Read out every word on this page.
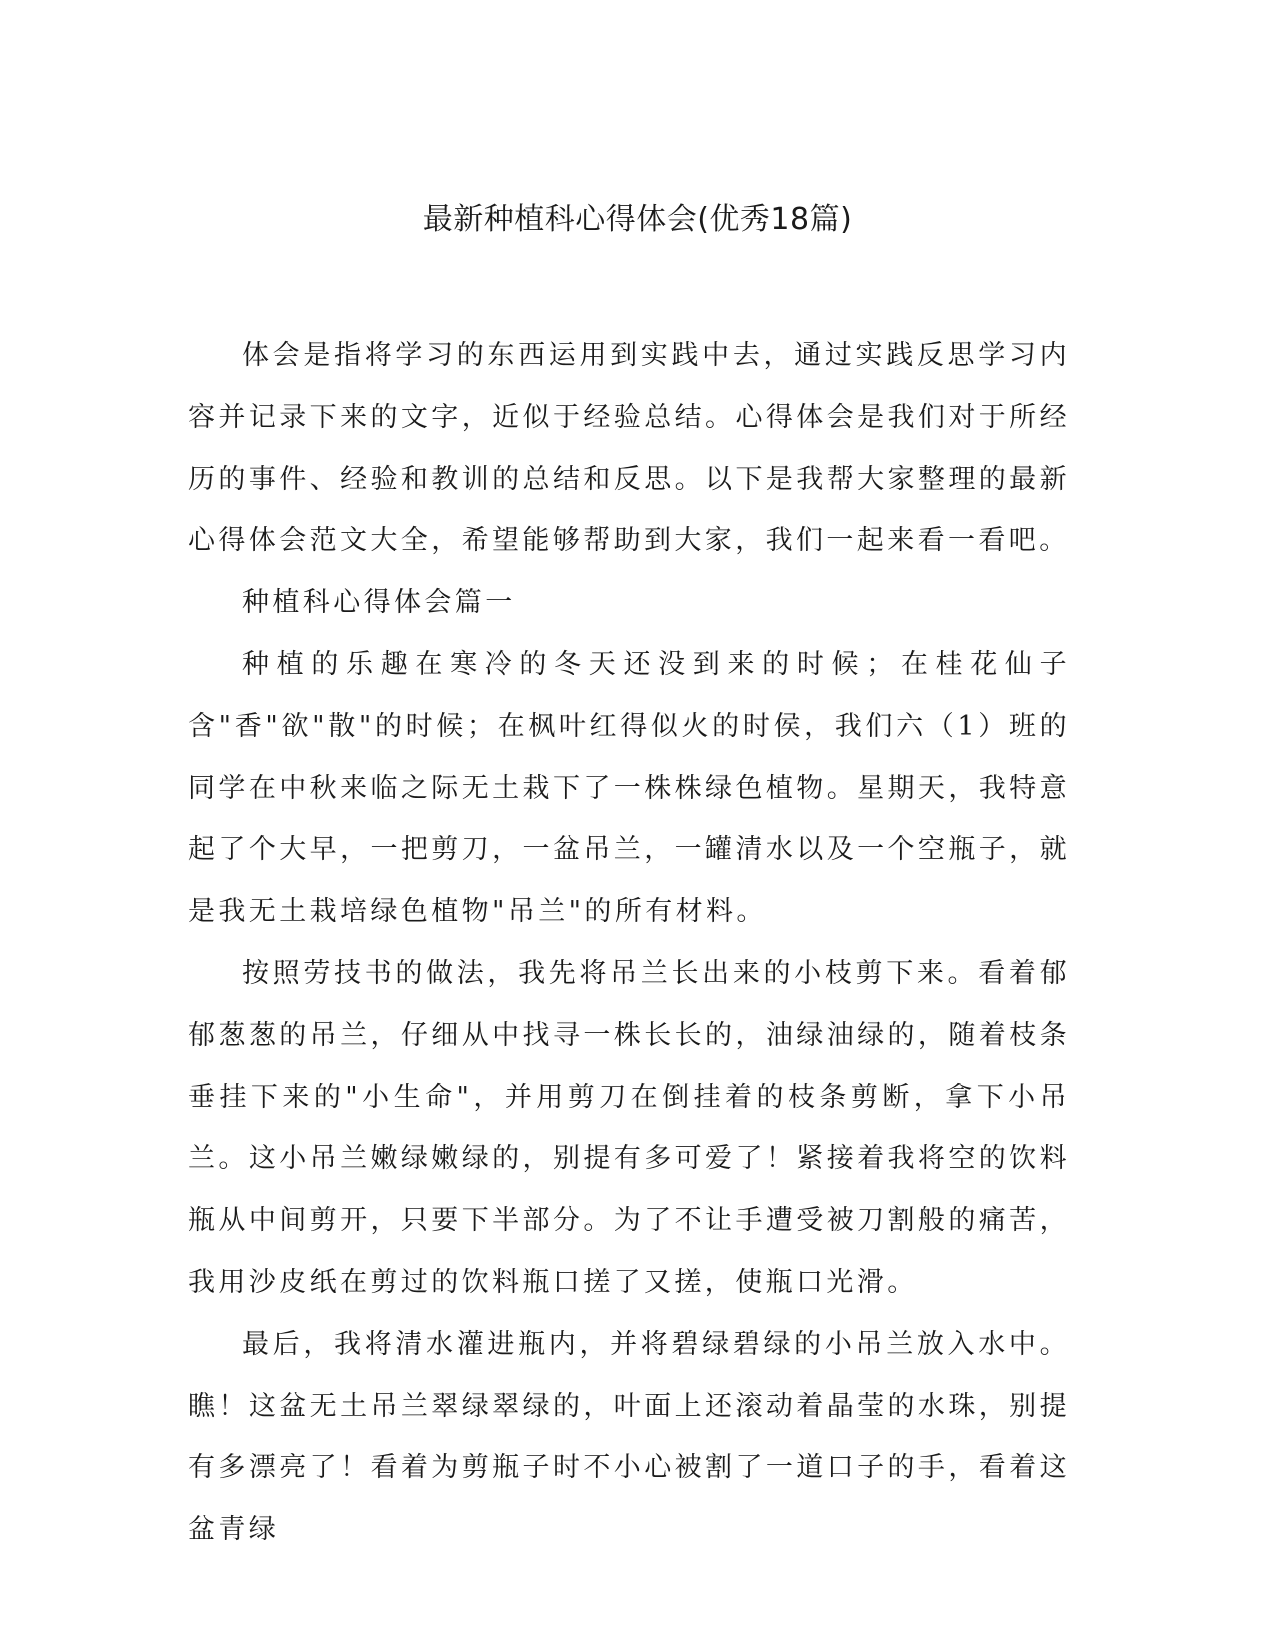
最新种植科心得体会(优秀18篇)

体会是指将学习的东西运用到实践中去，通过实践反思学习内容并记录下来的文字，近似于经验总结。心得体会是我们对于所经历的事件、经验和教训的总结和反思。以下是我帮大家整理的最新心得体会范文大全，希望能够帮助到大家，我们一起来看一看吧。

种植科心得体会篇一

种植的乐趣在寒冷的冬天还没到来的时候；在桂花仙子含"香"欲"散"的时候；在枫叶红得似火的时侯，我们六（1）班的同学在中秋来临之际无土栽下了一株株绿色植物。星期天，我特意起了个大早，一把剪刀，一盆吊兰，一罐清水以及一个空瓶子，就是我无土栽培绿色植物"吊兰"的所有材料。

按照劳技书的做法，我先将吊兰长出来的小枝剪下来。看着郁郁葱葱的吊兰，仔细从中找寻一株长长的，油绿油绿的，随着枝条垂挂下来的"小生命"，并用剪刀在倒挂着的枝条剪断，拿下小吊兰。这小吊兰嫩绿嫩绿的，别提有多可爱了！紧接着我将空的饮料瓶从中间剪开，只要下半部分。为了不让手遭受被刀割般的痛苦，我用沙皮纸在剪过的饮料瓶口搓了又搓，使瓶口光滑。

最后，我将清水灌进瓶内，并将碧绿碧绿的小吊兰放入水中。瞧！这盆无土吊兰翠绿翠绿的，叶面上还滚动着晶莹的水珠，别提有多漂亮了！看着为剪瓶子时不小心被割了一道口子的手，看着这盆青绿
